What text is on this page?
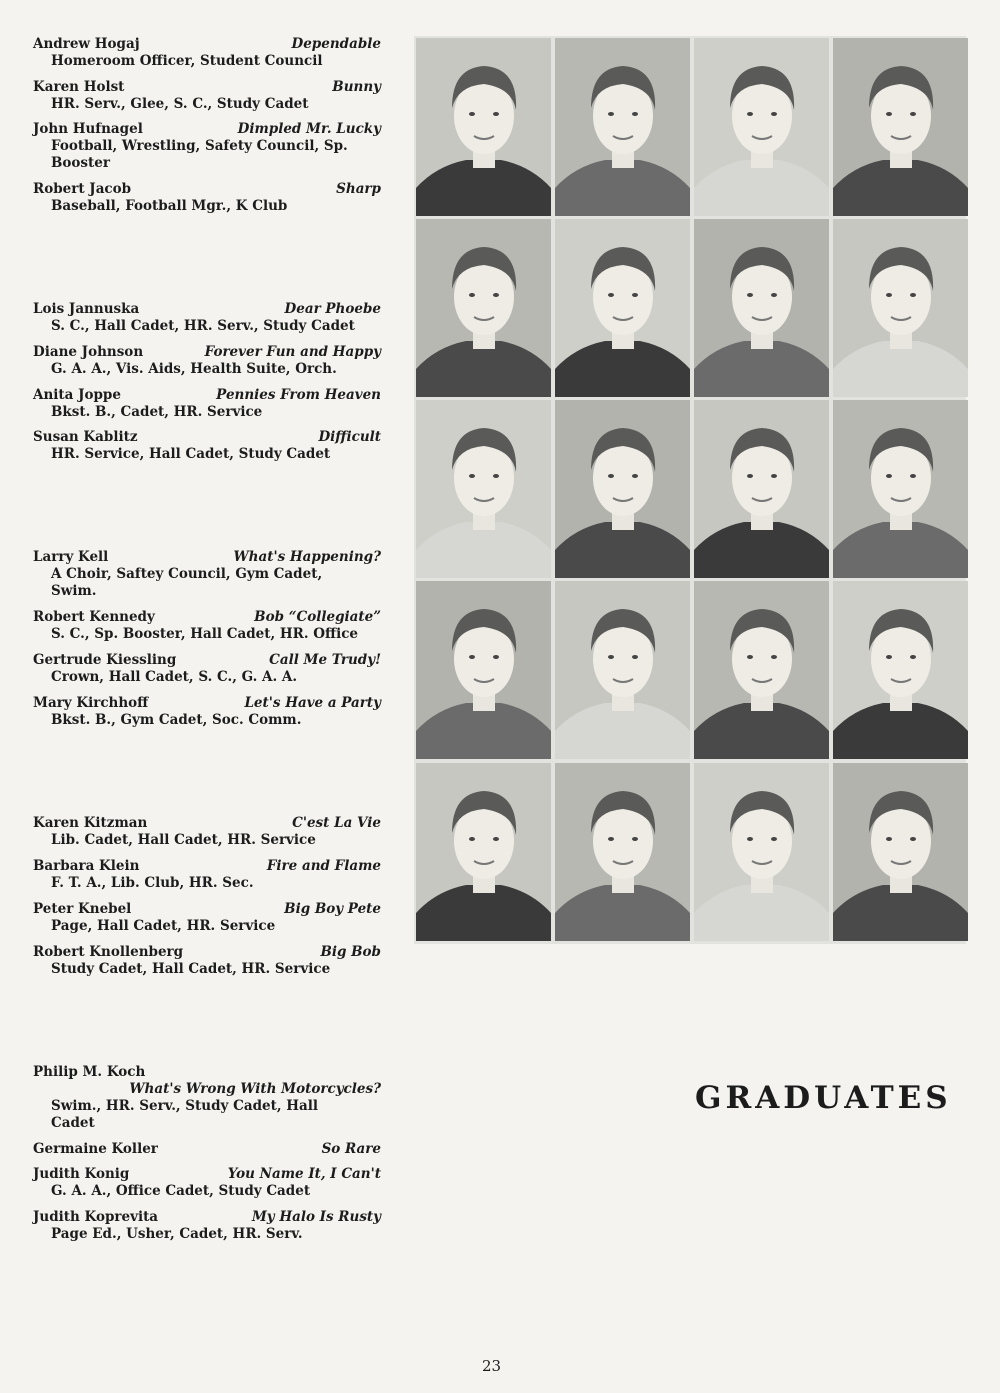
Andrew Hogaj	Dependable
Homeroom Officer, Student Council
Karen Holst	Bunny
HR. Serv., Glee, S. C., Study Cadet
John Hufnagel	Dimpled Mr. Lucky
Football, Wrestling, Safety Council, Sp.
Booster
Robert Jacob	Sharp
Baseball, Football Mgr., K Club
Lois Jannuska	Dear Phoebe
S. C., Hall Cadet, HR. Serv., Study Cadet
Diane Johnson	Forever Fun and Happy
G. A. A., Vis. Aids, Health Suite, Orch.
Anita Joppe	Pennies From Heaven
Bkst. B., Cadet, HR. Service
Susan Kablitz	Difficult
HR. Service, Hall Cadet, Study Cadet
Larry Kell	What's Happening?
A Choir, Saftey Council, Gym Cadet,
Swim.
Robert Kennedy	Bob “Collegiate”
S. C., Sp. Booster, Hall Cadet, HR. Office
Gertrude Kiessling	Call Me Trudy!
Crown, Hall Cadet, S. C., G. A. A.
Mary Kirchhoff	Let's Have a Party
Bkst. B., Gym Cadet, Soc. Comm.
Karen Kitzman	C'est La Vie
Lib. Cadet, Hall Cadet, HR. Service
Barbara Klein	Fire and Flame
F. T. A., Lib. Club, HR. Sec.
Peter Knebel	Big Boy Pete
Page, Hall Cadet, HR. Service
Robert Knollenberg	Big Bob
Study Cadet, Hall Cadet, HR. Service
Philip M. Koch
What's Wrong With Motorcycles?
Swim., HR. Serv., Study Cadet, Hall
Cadet
Germaine Koller	So Rare
Judith Konig	You Name It, I Can't
G. A. A., Office Cadet, Study Cadet
Judith Koprevita	My Halo Is Rusty
Page Ed., Usher, Cadet, HR. Serv.
GRADUATES
23
